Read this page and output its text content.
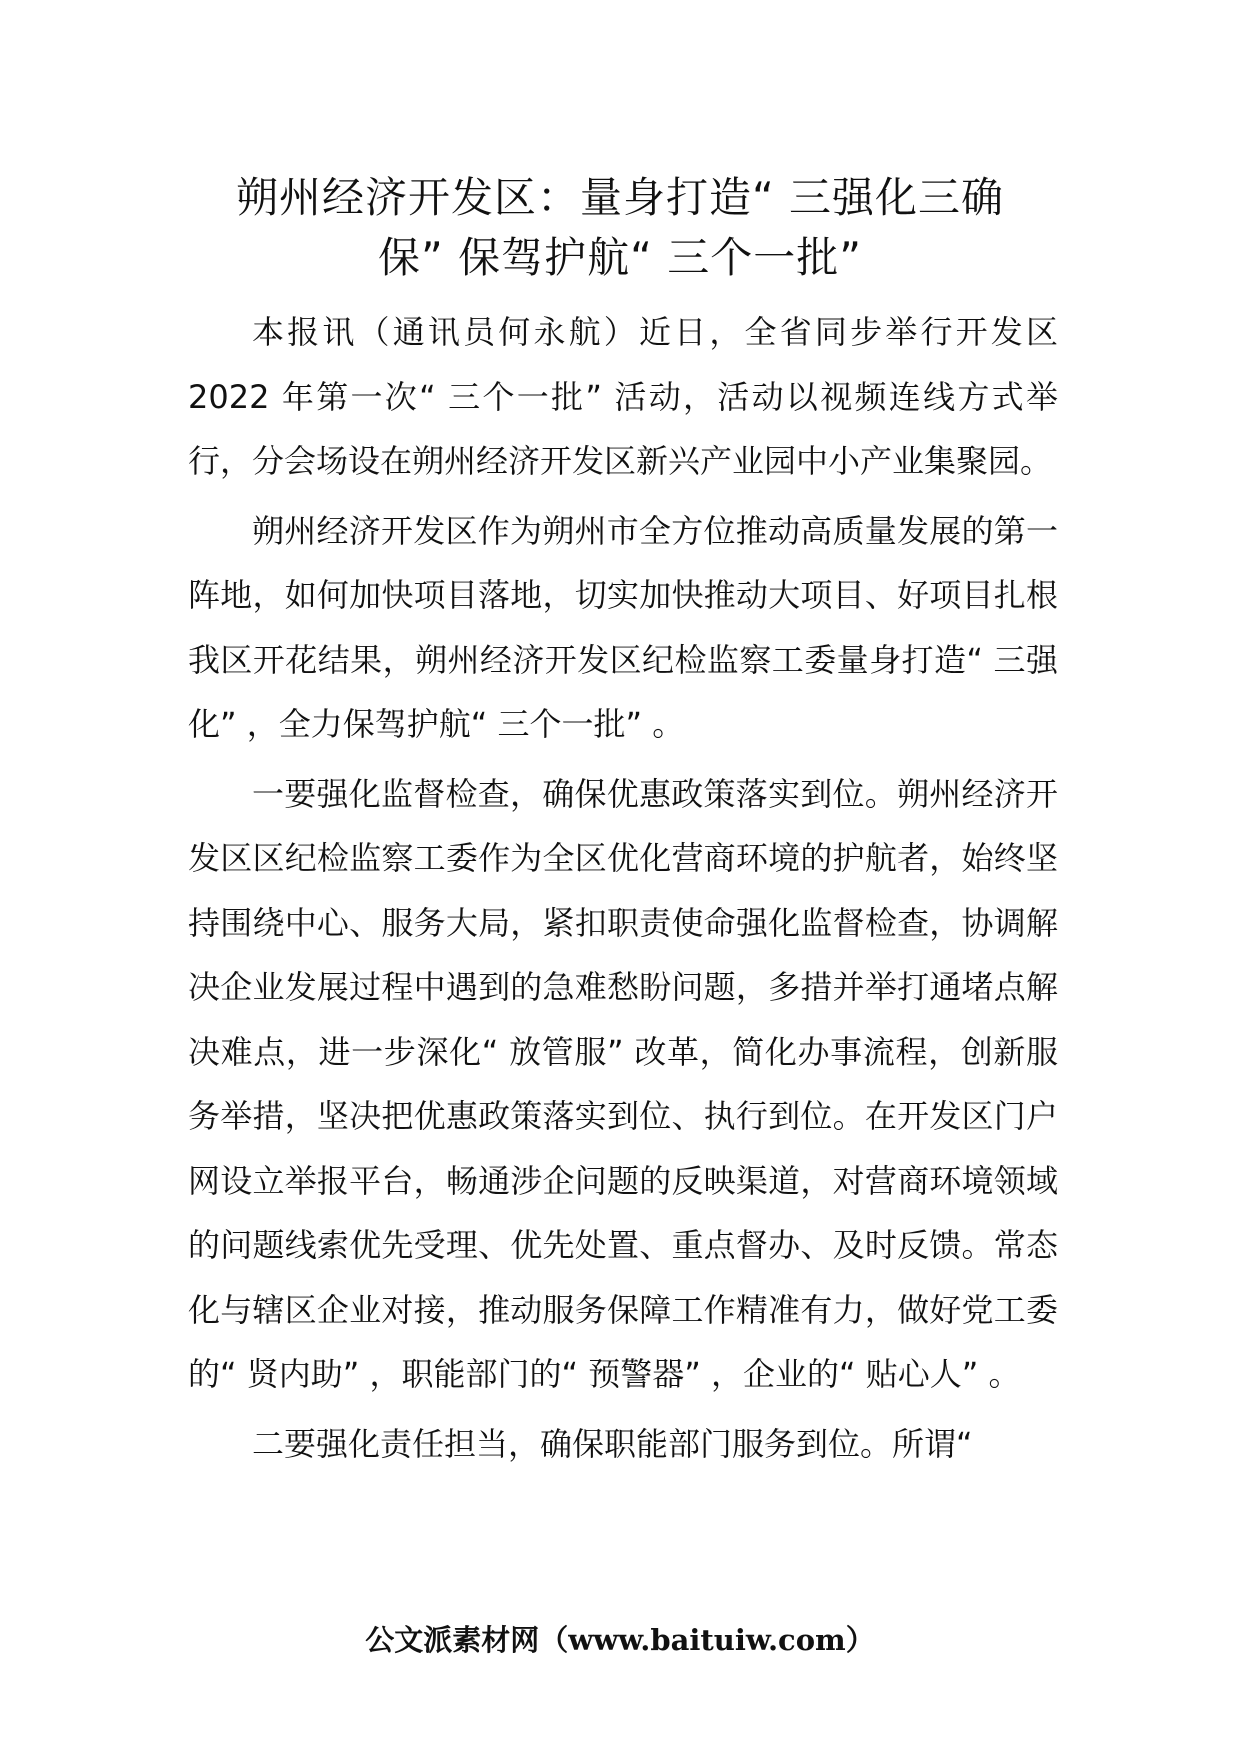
朔州经济开发区：量身打造“ 三强化三确
保” 保驾护航“ 三个一批”

本报讯（通讯员何永航）近日，全省同步举行开发区 2022 年第一次“ 三个一批” 活动，活动以视频连线方式举行，分会场设在朔州经济开发区新兴产业园中小产业集聚园。

朔州经济开发区作为朔州市全方位推动高质量发展的第一阵地，如何加快项目落地，切实加快推动大项目、好项目扎根我区开花结果，朔州经济开发区纪检监察工委量身打造“ 三强化” ，全力保驾护航“ 三个一批” 。

一要强化监督检查，确保优惠政策落实到位。朔州经济开发区区纪检监察工委作为全区优化营商环境的护航者，始终坚持围绕中心、服务大局，紧扣职责使命强化监督检查，协调解决企业发展过程中遇到的急难愁盼问题，多措并举打通堵点解决难点，进一步深化“ 放管服” 改革，简化办事流程，创新服务举措，坚决把优惠政策落实到位、执行到位。在开发区门户网设立举报平台，畅通涉企问题的反映渠道，对营商环境领域的问题线索优先受理、优先处置、重点督办、及时反馈。常态化与辖区企业对接，推动服务保障工作精准有力，做好党工委的“ 贤内助” ，职能部门的“ 预警器” ，企业的“ 贴心人” 。

二要强化责任担当，确保职能部门服务到位。所谓“

公文派素材网（www.baituiw.com）
